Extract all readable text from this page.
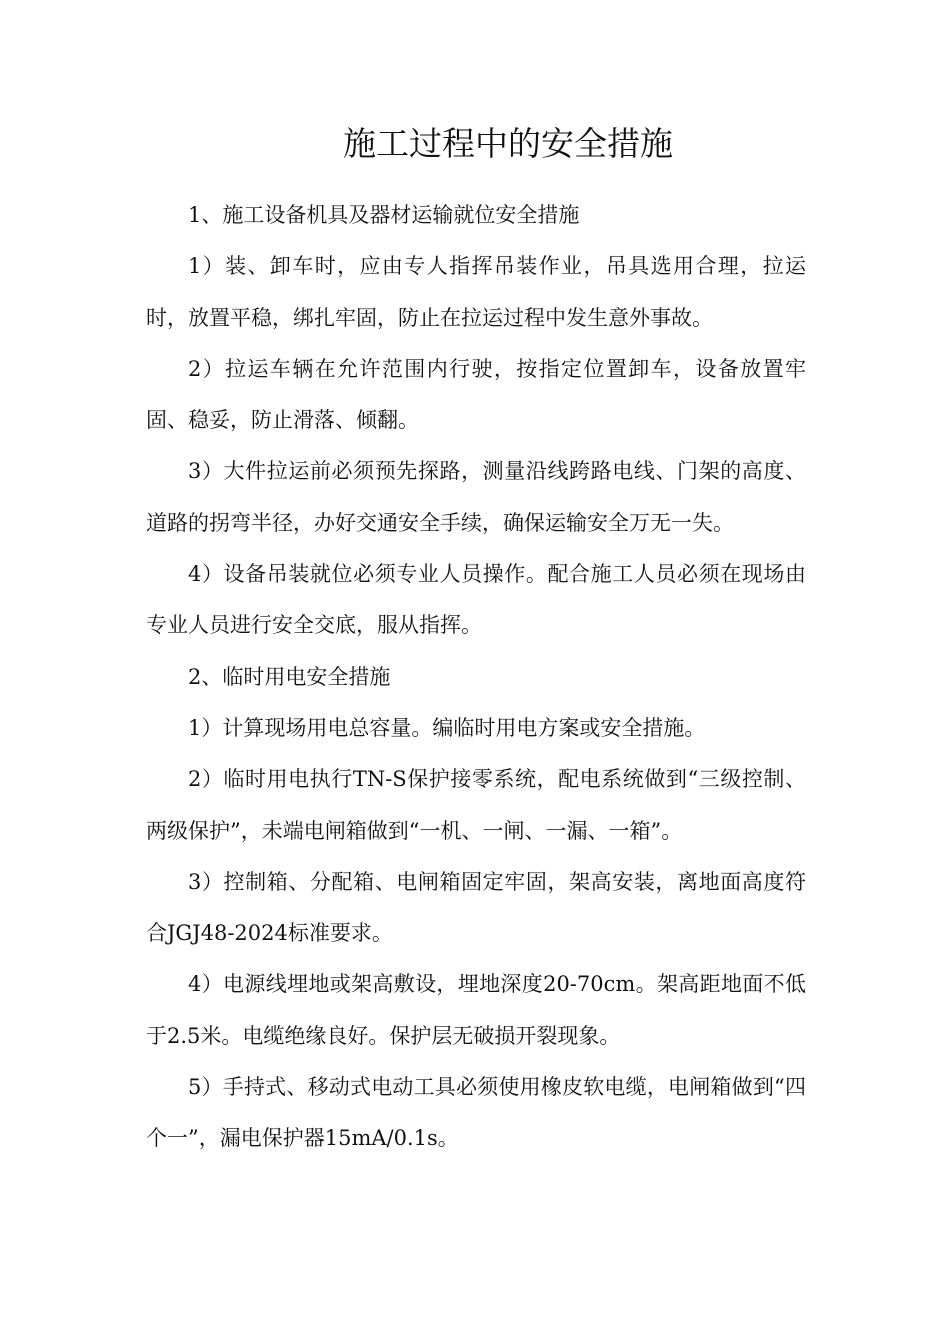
施工过程中的安全措施

1、施工设备机具及器材运输就位安全措施

1）装、卸车时，应由专人指挥吊装作业，吊具选用合理，拉运时，放置平稳，绑扎牢固，防止在拉运过程中发生意外事故。

2）拉运车辆在允许范围内行驶，按指定位置卸车，设备放置牢固、稳妥，防止滑落、倾翻。

3）大件拉运前必须预先探路，测量沿线跨路电线、门架的高度、道路的拐弯半径，办好交通安全手续，确保运输安全万无一失。

4）设备吊装就位必须专业人员操作。配合施工人员必须在现场由专业人员进行安全交底，服从指挥。

2、临时用电安全措施

1）计算现场用电总容量。编临时用电方案或安全措施。

2）临时用电执行TN-S保护接零系统，配电系统做到“三级控制、两级保护”，未端电闸箱做到“一机、一闸、一漏、一箱”。

3）控制箱、分配箱、电闸箱固定牢固，架高安装，离地面高度符合JGJ48-2024标准要求。

4）电源线埋地或架高敷设，埋地深度20-70cm。架高距地面不低于2.5米。电缆绝缘良好。保护层无破损开裂现象。

5）手持式、移动式电动工具必须使用橡皮软电缆，电闸箱做到“四个一”，漏电保护器15mA/0.1s。
